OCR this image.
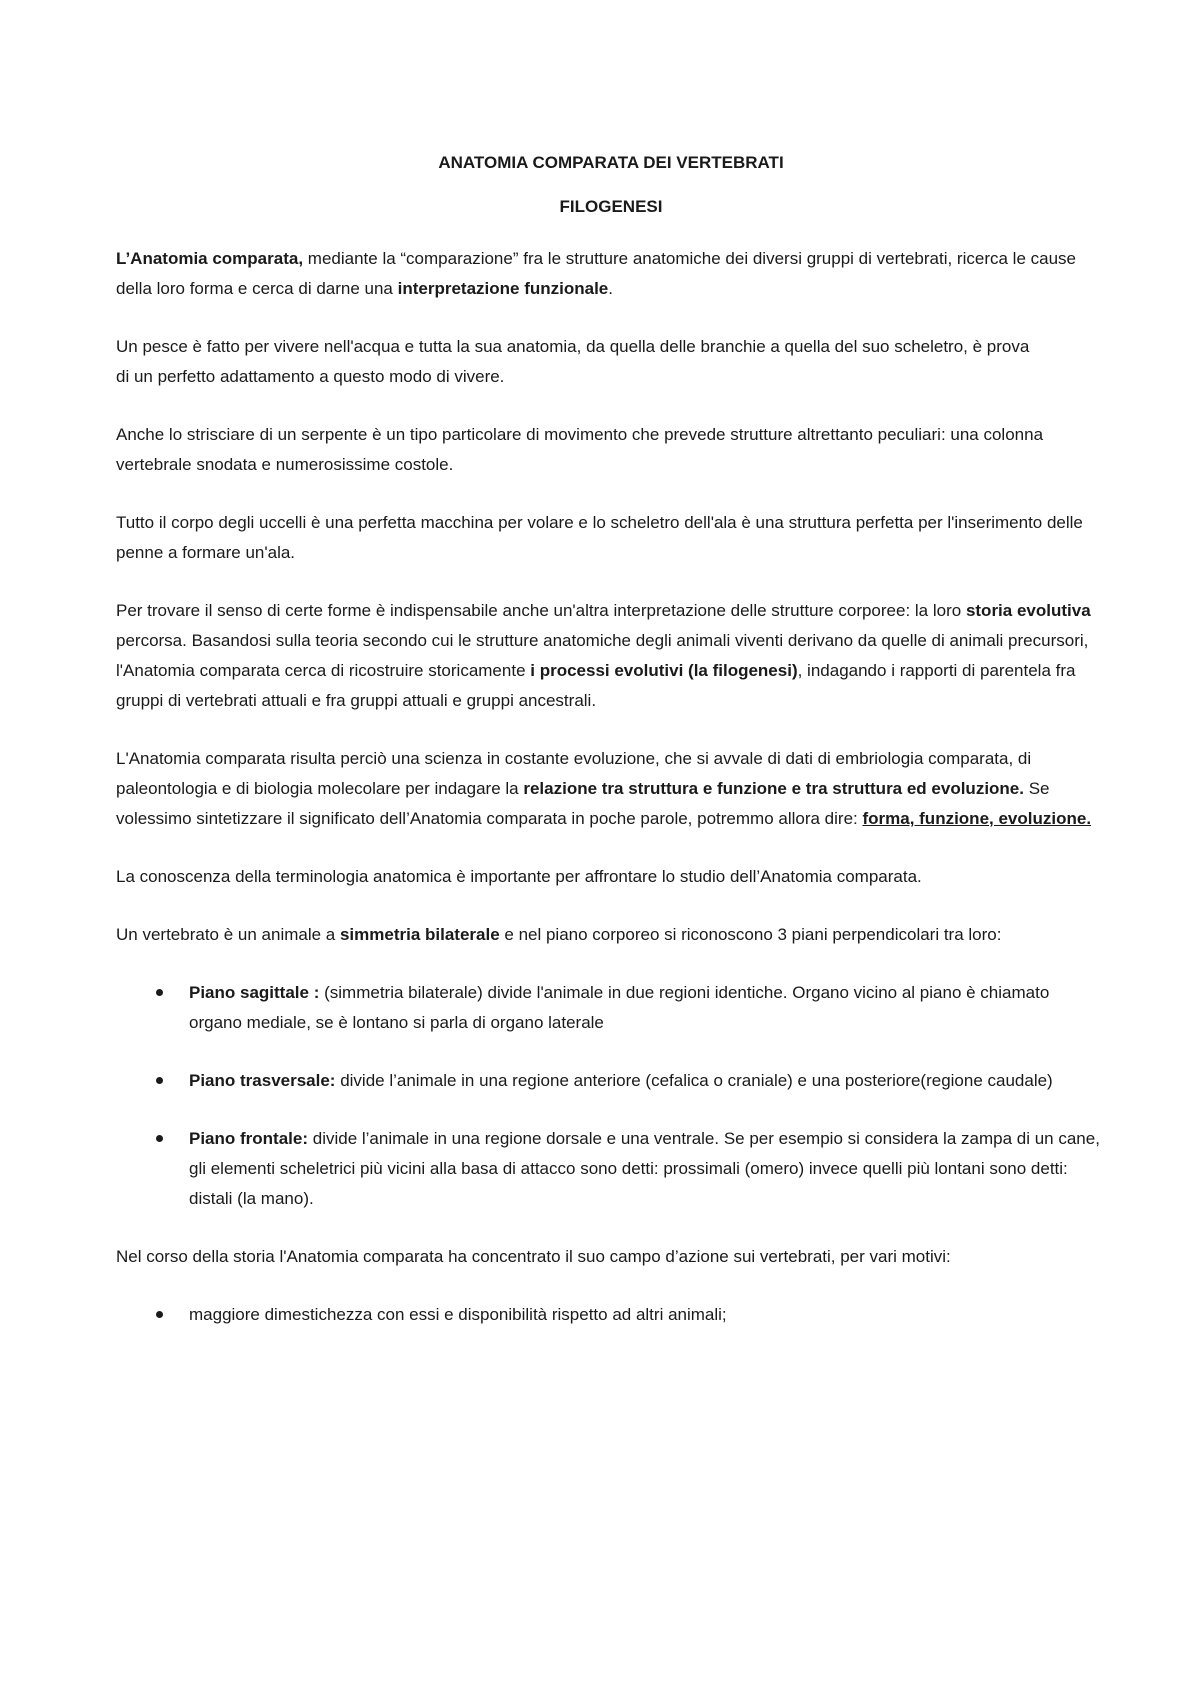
ANATOMIA COMPARATA DEI VERTEBRATI
FILOGENESI

L’Anatomia comparata, mediante la “comparazione” fra le strutture anatomiche dei diversi gruppi di vertebrati, ricerca le cause della loro forma e cerca di darne una interpretazione funzionale.

Un pesce è fatto per vivere nell'acqua e tutta la sua anatomia, da quella delle branchie a quella del suo scheletro, è prova
di un perfetto adattamento a questo modo di vivere.

Anche lo strisciare di un serpente è un tipo particolare di movimento che prevede strutture altrettanto peculiari: una colonna vertebrale snodata e numerosissime costole.

Tutto il corpo degli uccelli è una perfetta macchina per volare e lo scheletro dell'ala è una struttura perfetta per l'inserimento delle penne a formare un'ala.

Per trovare il senso di certe forme è indispensabile anche un'altra interpretazione delle strutture corporee: la loro storia evolutiva percorsa. Basandosi sulla teoria secondo cui le strutture anatomiche degli animali viventi derivano da quelle di animali precursori, l'Anatomia comparata cerca di ricostruire storicamente i processi evolutivi (la filogenesi), indagando i rapporti di parentela fra gruppi di vertebrati attuali e fra gruppi attuali e gruppi ancestrali.

L'Anatomia comparata risulta perciò una scienza in costante evoluzione, che si avvale di dati di embriologia comparata, di paleontologia e di biologia molecolare per indagare la relazione tra struttura e funzione e tra struttura ed evoluzione. Se volessimo sintetizzare il significato dell’Anatomia comparata in poche parole, potremmo allora dire: forma, funzione, evoluzione.

La conoscenza della terminologia anatomica è importante per affrontare lo studio dell’Anatomia comparata.

Un vertebrato è un animale a simmetria bilaterale e nel piano corporeo si riconoscono 3 piani perpendicolari tra loro:

Piano sagittale : (simmetria bilaterale) divide l'animale in due regioni identiche. Organo vicino al piano è chiamato organo mediale, se è lontano si parla di organo laterale
Piano trasversale: divide l’animale in una regione anteriore (cefalica o craniale) e una posteriore(regione caudale)
Piano frontale: divide l’animale in una regione dorsale e una ventrale. Se per esempio si considera la zampa di un cane, gli elementi scheletrici più vicini alla basa di attacco sono detti: prossimali (omero) invece quelli più lontani sono detti: distali (la mano).

Nel corso della storia l'Anatomia comparata ha concentrato il suo campo d’azione sui vertebrati, per vari motivi:

maggiore dimestichezza con essi e disponibilità rispetto ad altri animali;
